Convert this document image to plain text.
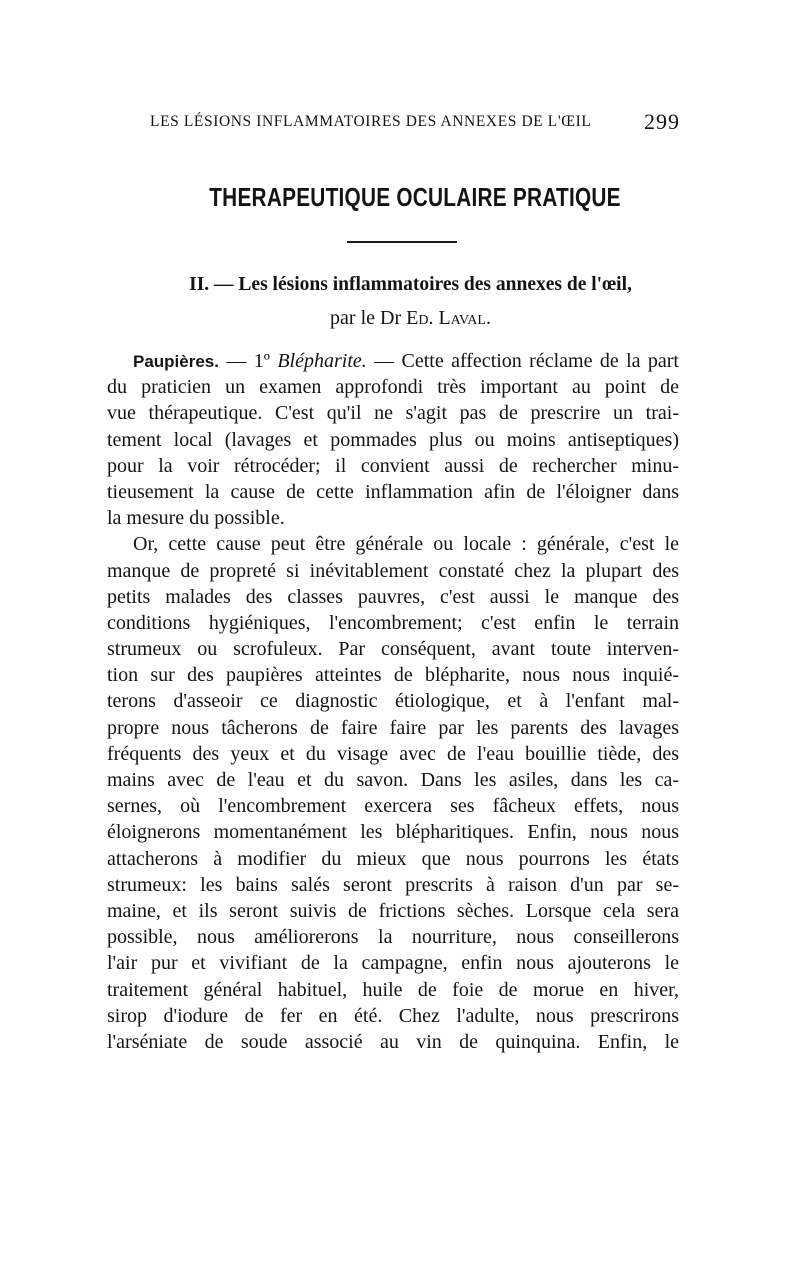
LES LÉSIONS INFLAMMATOIRES DES ANNEXES DE L'ŒIL 299
THERAPEUTIQUE OCULAIRE PRATIQUE
II. — Les lésions inflammatoires des annexes de l'œil,
par le Dr Ed. Laval.
Paupières. — 1º Blépharite. — Cette affection réclame de la part
du praticien un examen approfondi très important au point de
vue thérapeutique. C'est qu'il ne s'agit pas de prescrire un trai-
tement local (lavages et pommades plus ou moins antiseptiques)
pour la voir rétrocéder; il convient aussi de rechercher minu-
tieusement la cause de cette inflammation afin de l'éloigner dans
la mesure du possible.
Or, cette cause peut être générale ou locale : générale, c'est le
manque de propreté si inévitablement constaté chez la plupart des
petits malades des classes pauvres, c'est aussi le manque des
conditions hygiéniques, l'encombrement; c'est enfin le terrain
strumeux ou scrofuleux. Par conséquent, avant toute interven-
tion sur des paupières atteintes de blépharite, nous nous inquié-
terons d'asseoir ce diagnostic étiologique, et à l'enfant mal-
propre nous tâcherons de faire faire par les parents des lavages
fréquents des yeux et du visage avec de l'eau bouillie tiède, des
mains avec de l'eau et du savon. Dans les asiles, dans les ca-
sernes, où l'encombrement exercera ses fâcheux effets, nous
éloignerons momentanément les blépharitiques. Enfin, nous nous
attacherons à modifier du mieux que nous pourrons les états
strumeux: les bains salés seront prescrits à raison d'un par se-
maine, et ils seront suivis de frictions sèches. Lorsque cela sera
possible, nous améliorerons la nourriture, nous conseillerons
l'air pur et vivifiant de la campagne, enfin nous ajouterons le
traitement général habituel, huile de foie de morue en hiver,
sirop d'iodure de fer en été. Chez l'adulte, nous prescrirons
l'arséniate de soude associé au vin de quinquina. Enfin, le
